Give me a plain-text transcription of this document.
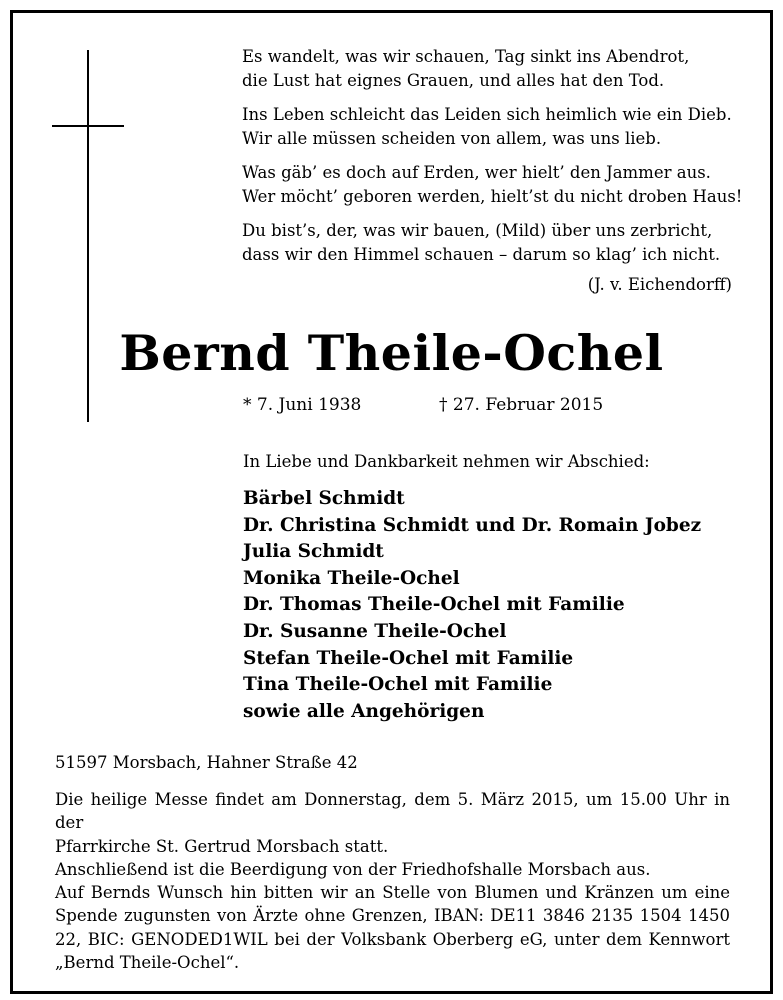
Es wandelt, was wir schauen, Tag sinkt ins Abendrot,
die Lust hat eignes Grauen, und alles hat den Tod.
Ins Leben schleicht das Leiden sich heimlich wie ein Dieb.
Wir alle müssen scheiden von allem, was uns lieb.
Was gäb’ es doch auf Erden, wer hielt’ den Jammer aus.
Wer möcht’ geboren werden, hielt’st du nicht droben Haus!
Du bist’s, der, was wir bauen, (Mild) über uns zerbricht,
dass wir den Himmel schauen – darum so klag’ ich nicht.
(J. v. Eichendorff)
Bernd Theile-Ochel
* 7. Juni 1938	† 27. Februar 2015
In Liebe und Dankbarkeit nehmen wir Abschied:
Bärbel Schmidt
Dr. Christina Schmidt und Dr. Romain Jobez
Julia Schmidt
Monika Theile-Ochel
Dr. Thomas Theile-Ochel mit Familie
Dr. Susanne Theile-Ochel
Stefan Theile-Ochel mit Familie
Tina Theile-Ochel mit Familie
sowie alle Angehörigen
51597 Morsbach, Hahner Straße 42
Die heilige Messe findet am Donnerstag, dem 5. März 2015, um 15.00 Uhr in der
Pfarrkirche St. Gertrud Morsbach statt.
Anschließend ist die Beerdigung von der Friedhofshalle Morsbach aus.
Auf Bernds Wunsch hin bitten wir an Stelle von Blumen und Kränzen um eine
Spende zugunsten von Ärzte ohne Grenzen, IBAN: DE11 3846 2135 1504 1450
22, BIC: GENODED1WIL bei der Volksbank Oberberg eG, unter dem Kennwort
„Bernd Theile-Ochel“.
